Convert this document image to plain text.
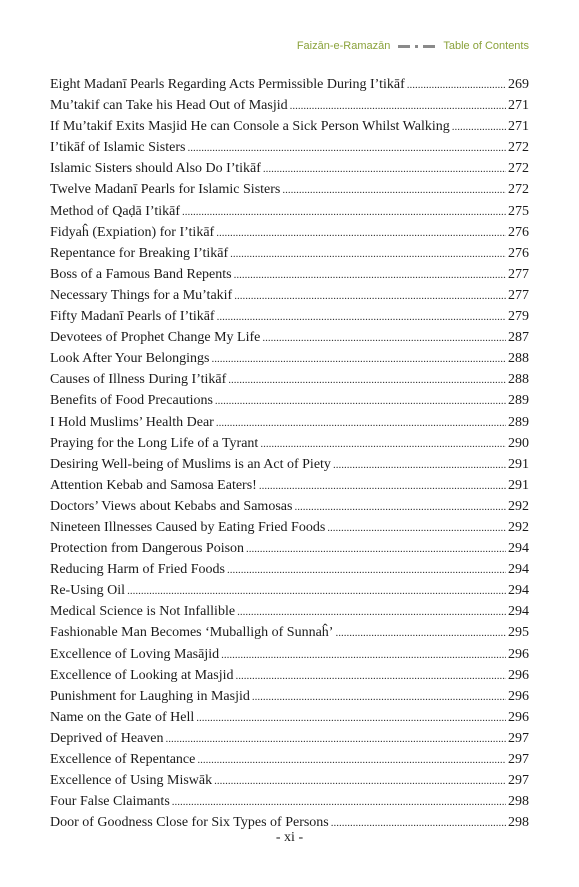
Faizān-e-Ramazān	Table of Contents
Eight Madanī Pearls Regarding Acts Permissible During I’tikāf .....	269
Mu’takif can Take his Head Out of Masjid .....	271
If Mu’takif Exits Masjid He can Console a Sick Person Whilst Walking .....	271
I’tikāf of Islamic Sisters .....	272
Islamic Sisters should Also Do I’tikāf .....	272
Twelve Madanī Pearls for Islamic Sisters .....	272
Method of Qaḍā I’tikāf .....	275
Fidyaĥ (Expiation) for I’tikāf .....	276
Repentance for Breaking I’tikāf .....	276
Boss of a Famous Band Repents .....	277
Necessary Things for a Mu’takif .....	277
Fifty Madanī Pearls of I’tikāf .....	279
Devotees of Prophet Change My Life .....	287
Look After Your Belongings .....	288
Causes of Illness During I’tikāf .....	288
Benefits of Food Precautions .....	289
I Hold Muslims’ Health Dear .....	289
Praying for the Long Life of a Tyrant .....	290
Desiring Well-being of Muslims is an Act of Piety .....	291
Attention Kebab and Samosa Eaters! .....	291
Doctors’ Views about Kebabs and Samosas .....	292
Nineteen Illnesses Caused by Eating Fried Foods .....	292
Protection from Dangerous Poison .....	294
Reducing Harm of Fried Foods .....	294
Re-Using Oil .....	294
Medical Science is Not Infallible .....	294
Fashionable Man Becomes ‘Muballigh of Sunnaĥ’ .....	295
Excellence of Loving Masājid .....	296
Excellence of Looking at Masjid .....	296
Punishment for Laughing in Masjid .....	296
Name on the Gate of Hell .....	296
Deprived of Heaven .....	297
Excellence of Repentance .....	297
Excellence of Using Miswāk .....	297
Four False Claimants .....	298
Door of Goodness Close for Six Types of Persons .....	298
- xi -
